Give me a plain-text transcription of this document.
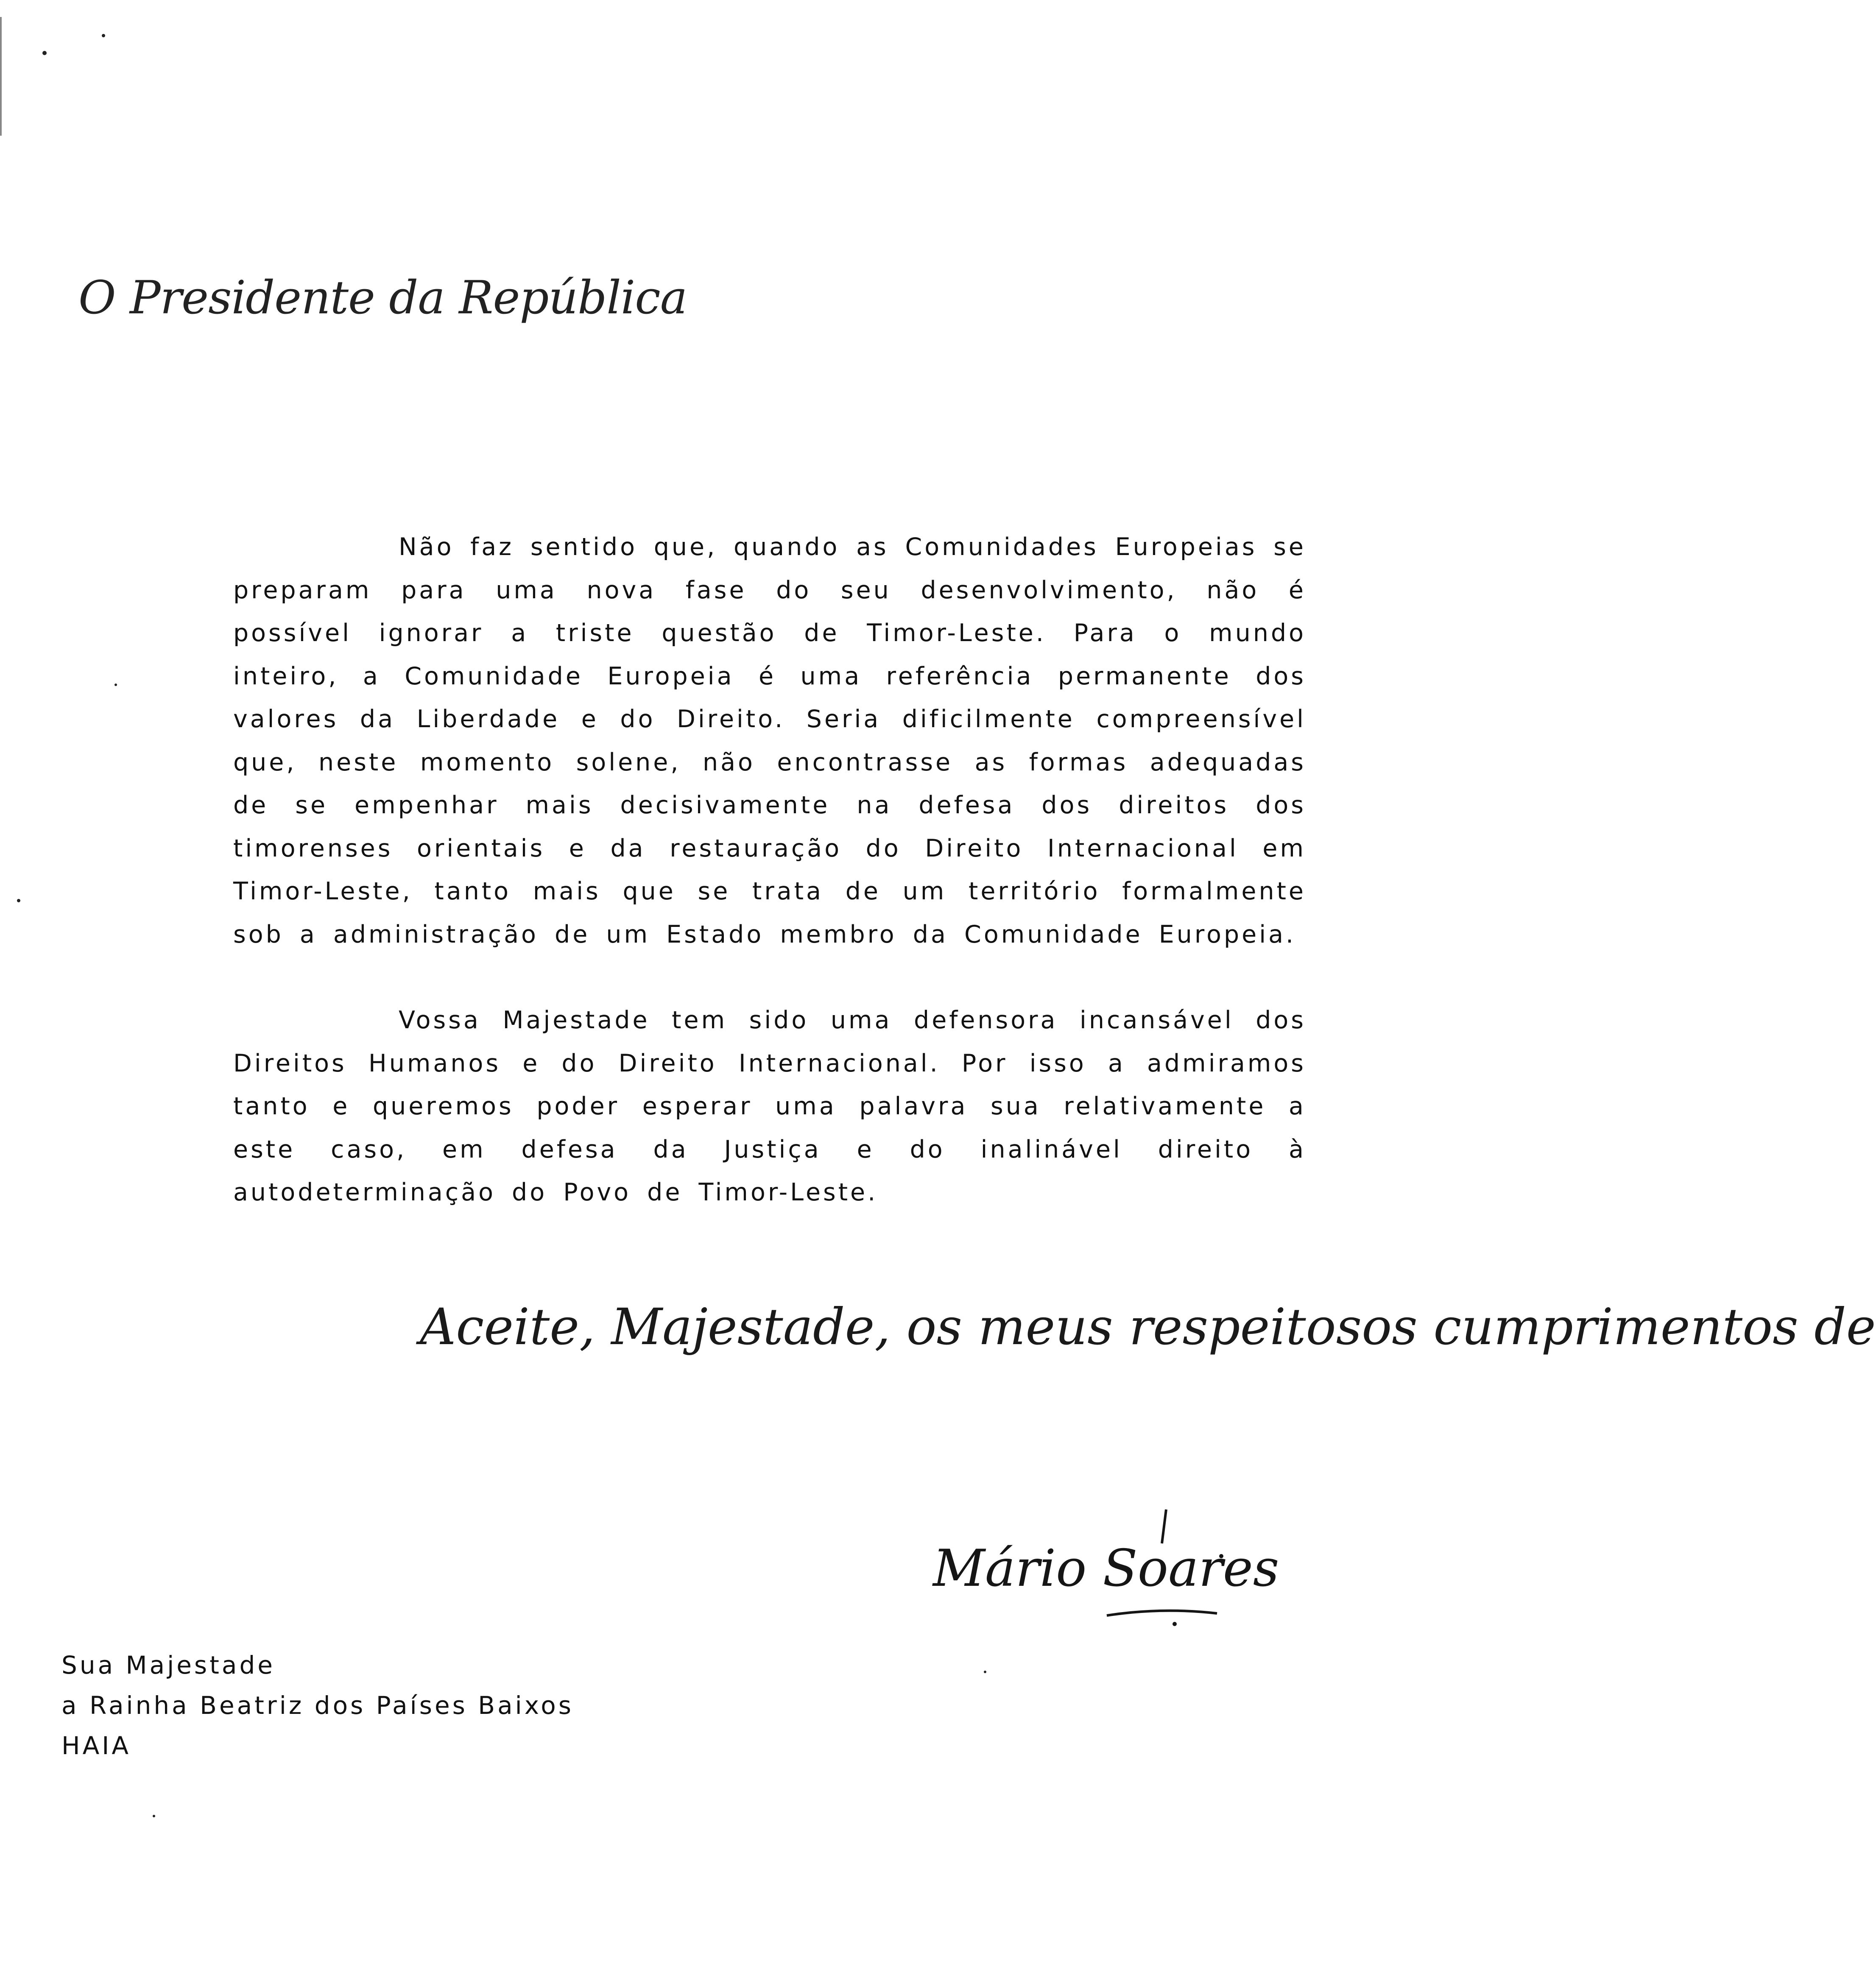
O Presidente da República

Não faz sentido que, quando as Comunidades Europeias se preparam para uma nova fase do seu desenvolvimento, não é possível ignorar a triste questão de Timor-Leste. Para o mundo inteiro, a Comunidade Europeia é uma referência permanente dos valores da Liberdade e do Direito. Seria dificilmente compreensível que, neste momento solene, não encontrasse as formas adequadas de se empenhar mais decisivamente na defesa dos direitos dos timorenses orientais e da restauração do Direito Internacional em Timor-Leste, tanto mais que se trata de um território formalmente sob a administração de um Estado membro da Comunidade Europeia.

Vossa Majestade tem sido uma defensora incansável dos Direitos Humanos e do Direito Internacional. Por isso a admiramos tanto e queremos poder esperar uma palavra sua relativamente a este caso, em defesa da Justiça e do inalinável direito à autodeterminação do Povo de Timor-Leste.

Aceite, Majestade, os meus respeitosos cumprimentos de
Mário Soares
Sua Majestade
a Rainha Beatriz dos Países Baixos
HAIA
